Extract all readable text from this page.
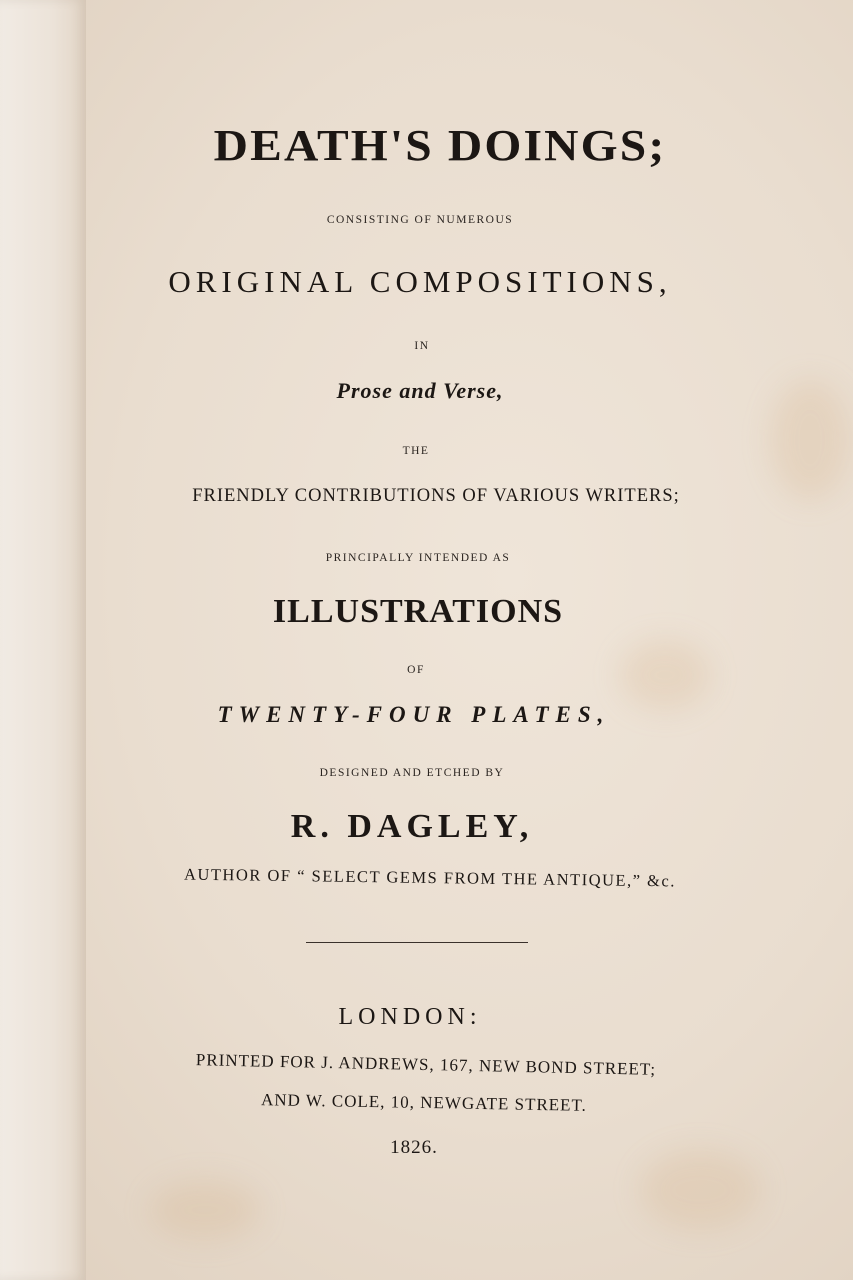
DEATH'S DOINGS;
CONSISTING OF NUMEROUS
ORIGINAL COMPOSITIONS,
IN
Prose and Verse,
THE
FRIENDLY CONTRIBUTIONS OF VARIOUS WRITERS;
PRINCIPALLY INTENDED AS
ILLUSTRATIONS
OF
TWENTY-FOUR PLATES,
DESIGNED AND ETCHED BY
R. DAGLEY,
AUTHOR OF “ SELECT GEMS FROM THE ANTIQUE,” &c.
LONDON:
PRINTED FOR J. ANDREWS, 167, NEW BOND STREET;
AND W. COLE, 10, NEWGATE STREET.
1826.
